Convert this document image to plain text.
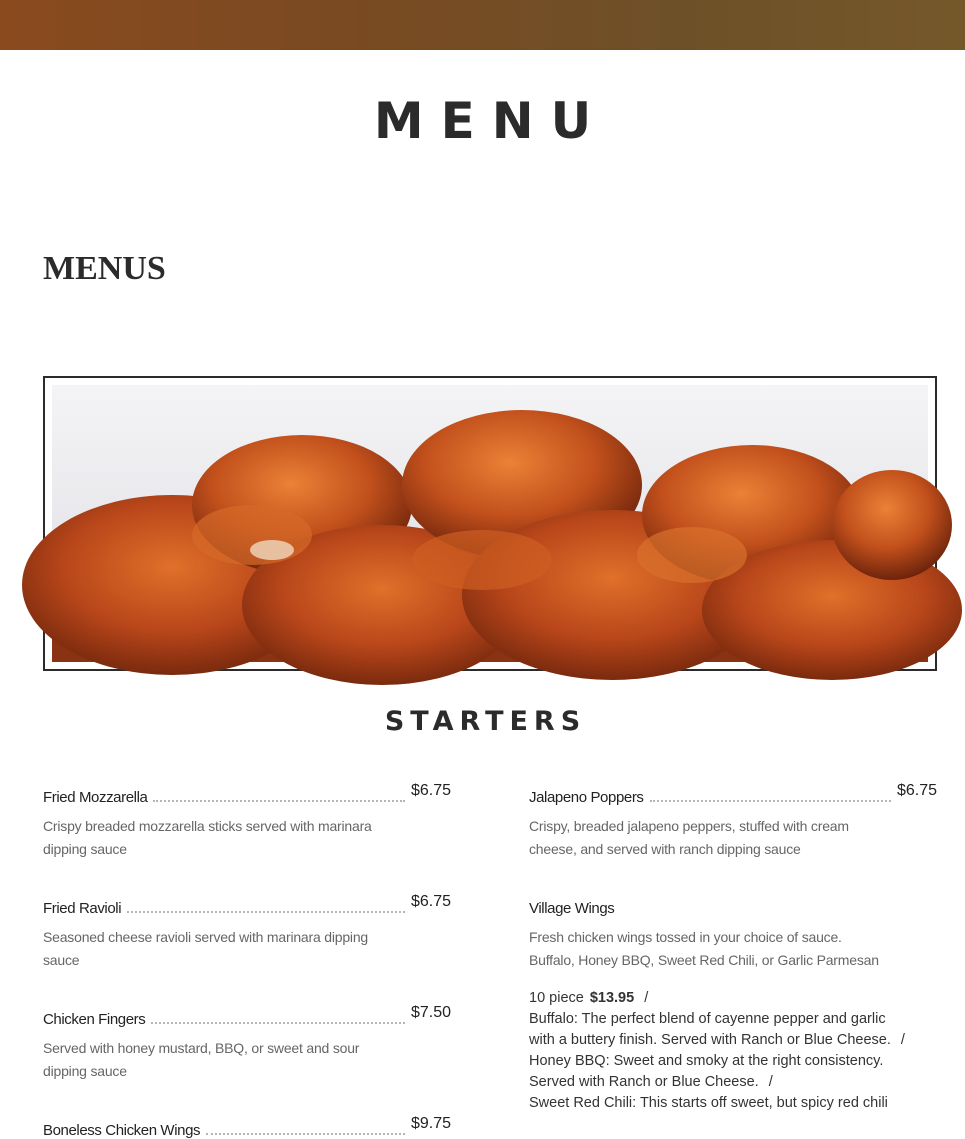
MENU
MENUS
STARTERS
Fried Mozzarella	$6.75

Crispy breaded mozzarella sticks served with marinara dipping sauce

Fried Ravioli	$6.75

Seasoned cheese ravioli served with marinara dipping sauce

Chicken Fingers	$7.50

Served with honey mustard, BBQ, or sweet and sour dipping sauce

Boneless Chicken Wings	$9.75
Jalapeno Poppers	$6.75

Crispy, breaded jalapeno peppers, stuffed with cream cheese, and served with ranch dipping sauce

Village Wings

Fresh chicken wings tossed in your choice of sauce. Buffalo, Honey BBQ, Sweet Red Chili, or Garlic Parmesan

10 piece $13.95 /
Buffalo: The perfect blend of cayenne pepper and garlic with a buttery finish. Served with Ranch or Blue Cheese. /
Honey BBQ: Sweet and smoky at the right consistency. Served with Ranch or Blue Cheese. /
Sweet Red Chili: This starts off sweet, but spicy red chili
